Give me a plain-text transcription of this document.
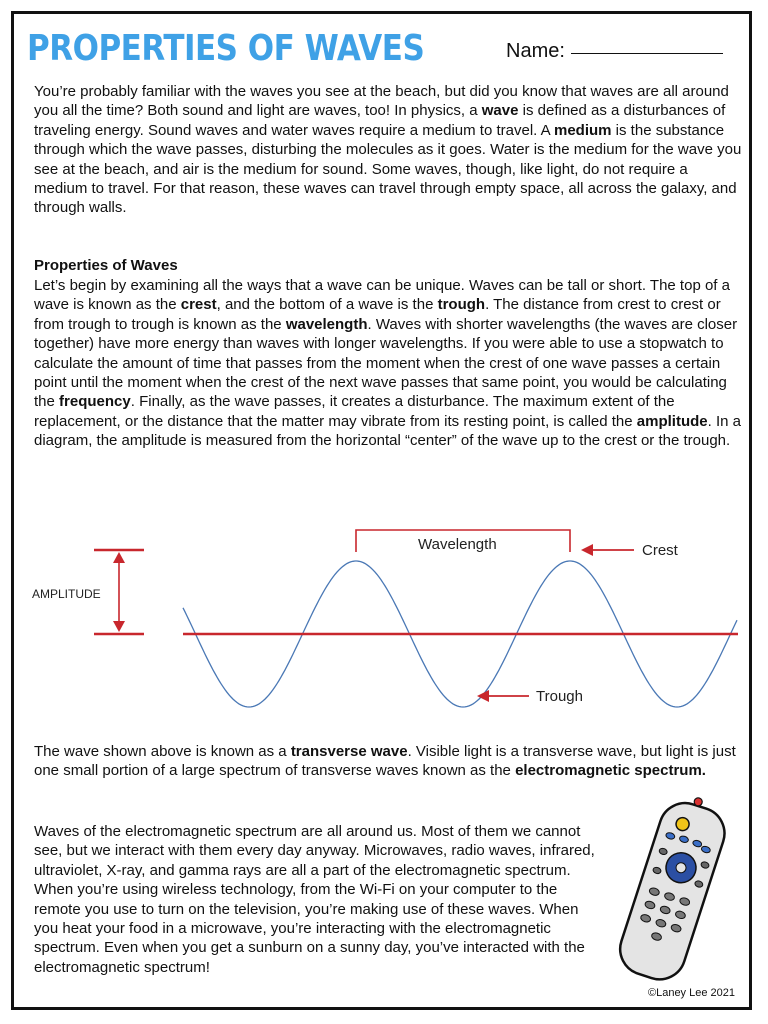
PROPERTIES OF WAVES	Name:

You’re probably familiar with the waves you see at the beach, but did you know that waves are all around you all the time? Both sound and light are waves, too! In physics, a wave is defined as a disturbances of traveling energy. Sound waves and water waves require a medium to travel. A medium is the substance through which the wave passes, disturbing the molecules as it goes. Water is the medium for the wave you see at the beach, and air is the medium for sound. Some waves, though, like light, do not require a medium to travel. For that reason, these waves can travel through empty space, all across the galaxy, and through walls.

Properties of Waves

Let’s begin by examining all the ways that a wave can be unique. Waves can be tall or short. The top of a wave is known as the crest, and the bottom of a wave is the trough. The distance from crest to crest or from trough to trough is known as the wavelength. Waves with shorter wavelengths (the waves are closer together) have more energy than waves with longer wavelengths. If you were able to use a stopwatch to calculate the amount of time that passes from the moment when the crest of one wave passes a certain point until the moment when the crest of the next wave passes that same point, you would be calculating the frequency. Finally, as the wave passes, it creates a disturbance. The maximum extent of the replacement, or the distance that the matter may vibrate from its resting point, is called the amplitude. In a diagram, the amplitude is measured from the horizontal “center” of the wave up to the crest or the trough.

AMPLITUDE
Wavelength	Crest
Trough

The wave shown above is known as a transverse wave. Visible light is a transverse wave, but light is just one small portion of a large spectrum of transverse waves known as the electromagnetic spectrum.

Waves of the electromagnetic spectrum are all around us. Most of them we cannot see, but we interact with them every day anyway. Microwaves, radio waves, infrared, ultraviolet, X-ray, and gamma rays are all a part of the electromagnetic spectrum. When you’re using wireless technology, from the Wi-Fi on your computer to the remote you use to turn on the television, you’re making use of these waves. When you heat your food in a microwave, you’re interacting with the electromagnetic spectrum. Even when you get a sunburn on a sunny day, you’ve interacted with the electromagnetic spectrum!

©Laney Lee 2021
